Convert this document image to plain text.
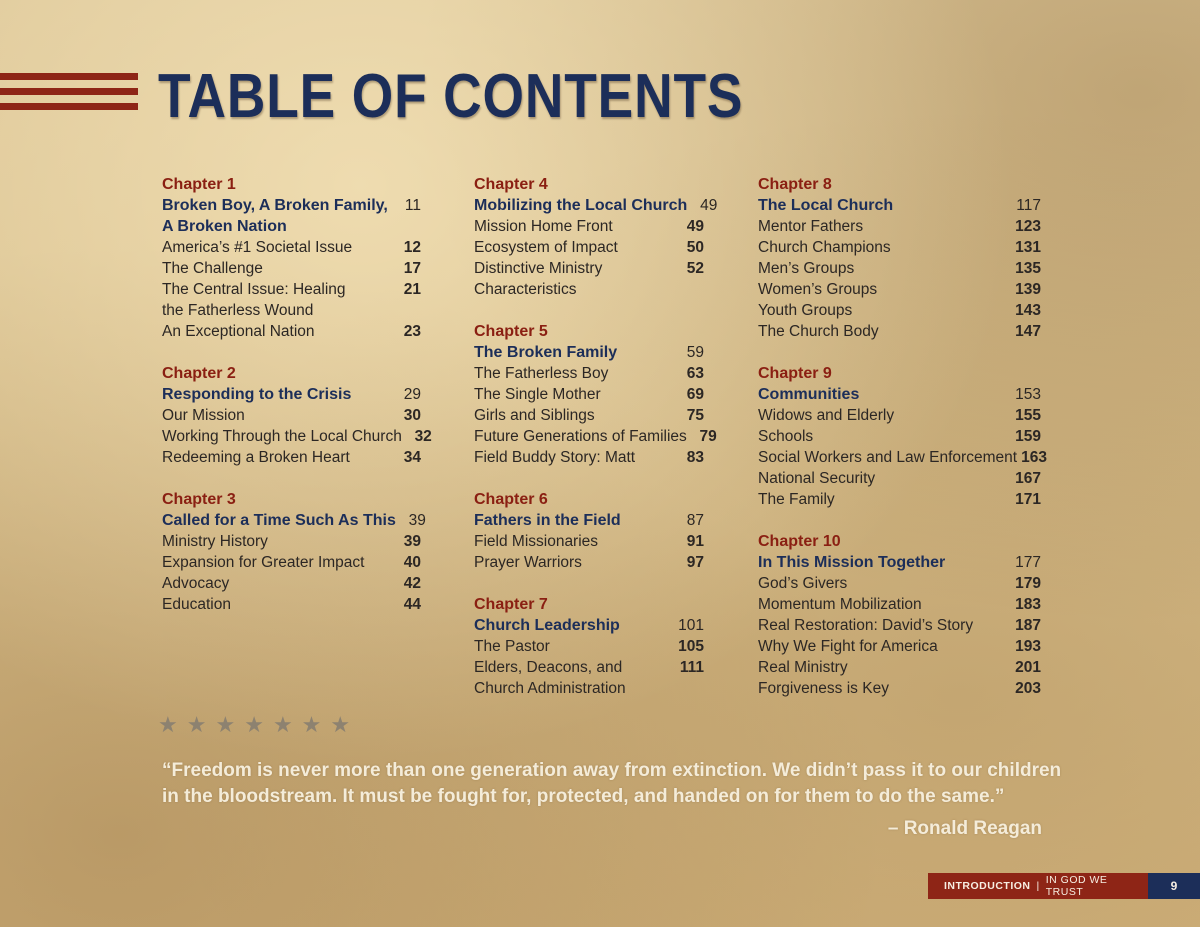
TABLE OF CONTENTS
Chapter 1
Broken Boy, A Broken Family,	11
A Broken Nation
America’s #1 Societal Issue	12
The Challenge	17
The Central Issue: Healing	21
the Fatherless Wound
An Exceptional Nation	23
Chapter 2
Responding to the Crisis	29
Our Mission	30
Working Through the Local Church 32
Redeeming a Broken Heart	34
Chapter 3
Called for a Time Such As This 39
Ministry History	39
Expansion for Greater Impact	40
Advocacy	42
Education	44
Chapter 4
Mobilizing the Local Church 49
Mission Home Front	49
Ecosystem of Impact	50
Distinctive Ministry	52
Characteristics
Chapter 5
The Broken Family	59
The Fatherless Boy	63
The Single Mother	69
Girls and Siblings	75
Future Generations of Families 79
Field Buddy Story: Matt	83
Chapter 6
Fathers in the Field	87
Field Missionaries	91
Prayer Warriors	97
Chapter 7
Church Leadership	101
The Pastor	105
Elders, Deacons, and	111
Church Administration
Chapter 8
The Local Church	117
Mentor Fathers	123
Church Champions	131
Men’s Groups	135
Women’s Groups	139
Youth Groups	143
The Church Body	147
Chapter 9
Communities	153
Widows and Elderly	155
Schools	159
Social Workers and Law Enforcement 163
National Security	167
The Family	171
Chapter 10
In This Mission Together	177
God’s Givers	179
Momentum Mobilization	183
Real Restoration: David’s Story	187
Why We Fight for America	193
Real Ministry	201
Forgiveness is Key	203
★ ★ ★ ★ ★ ★ ★

“Freedom is never more than one generation away from extinction. We didn’t pass it to our children
in the bloodstream. It must be fought for, protected, and handed on for them to do the same.”

– Ronald Reagan

INTRODUCTION | IN GOD WE TRUST	9
